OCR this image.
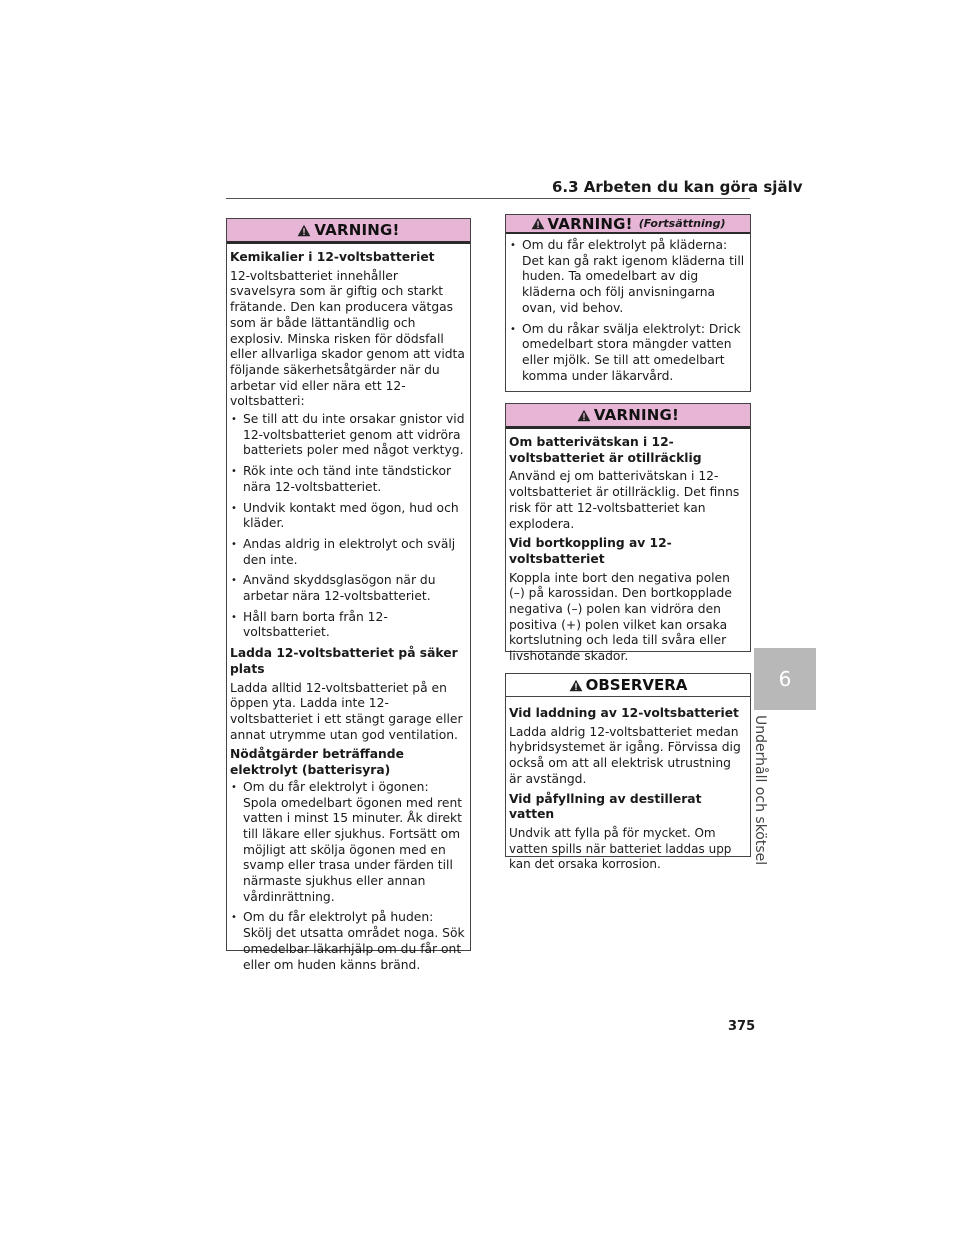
6.3 Arbeten du kan göra själv
VARNING!

Kemikalier i 12-voltsbatteriet

12-voltsbatteriet innehåller svavelsyra som är giftig och starkt frätande. Den kan producera vätgas som är både lättantändlig och explosiv. Minska risken för dödsfall eller allvarliga skador genom att vidta följande säkerhetsåtgärder när du arbetar vid eller nära ett 12-voltsbatteri:

• Se till att du inte orsakar gnistor vid 12-voltsbatteriet genom att vidröra batteriets poler med något verktyg.
• Rök inte och tänd inte tändstickor nära 12-voltsbatteriet.
• Undvik kontakt med ögon, hud och kläder.
• Andas aldrig in elektrolyt och svälj den inte.
• Använd skyddsglasögon när du arbetar nära 12-voltsbatteriet.
• Håll barn borta från 12-voltsbatteriet.

Ladda 12-voltsbatteriet på säker plats

Ladda alltid 12-voltsbatteriet på en öppen yta. Ladda inte 12-voltsbatteriet i ett stängt garage eller annat utrymme utan god ventilation.

Nödåtgärder beträffande elektrolyt (batterisyra)

• Om du får elektrolyt i ögonen: Spola omedelbart ögonen med rent vatten i minst 15 minuter. Åk direkt till läkare eller sjukhus. Fortsätt om möjligt att skölja ögonen med en svamp eller trasa under färden till närmaste sjukhus eller annan vårdinrättning.
• Om du får elektrolyt på huden: Skölj det utsatta området noga. Sök omedelbar läkarhjälp om du får ont eller om huden känns bränd.
VARNING! (Fortsättning)
• Om du får elektrolyt på kläderna: Det kan gå rakt igenom kläderna till huden. Ta omedelbart av dig kläderna och följ anvisningarna ovan, vid behov.
• Om du råkar svälja elektrolyt: Drick omedelbart stora mängder vatten eller mjölk. Se till att omedelbart komma under läkarvård.
VARNING!

Om batterivätskan i 12-voltsbatteriet är otillräcklig

Använd ej om batterivätskan i 12-voltsbatteriet är otillräcklig. Det finns risk för att 12-voltsbatteriet kan explodera.

Vid bortkoppling av 12-voltsbatteriet

Koppla inte bort den negativa polen (–) på karossidan. Den bortkopplade negativa (–) polen kan vidröra den positiva (+) polen vilket kan orsaka kortslutning och leda till svåra eller livshotande skador.

OBSERVERA

Vid laddning av 12-voltsbatteriet

Ladda aldrig 12-voltsbatteriet medan hybridsystemet är igång. Förvissa dig också om att all elektrisk utrustning är avstängd.

Vid påfyllning av destillerat vatten

Undvik att fylla på för mycket. Om vatten spills när batteriet laddas upp kan det orsaka korrosion.

6
Underhåll och skötsel
375
